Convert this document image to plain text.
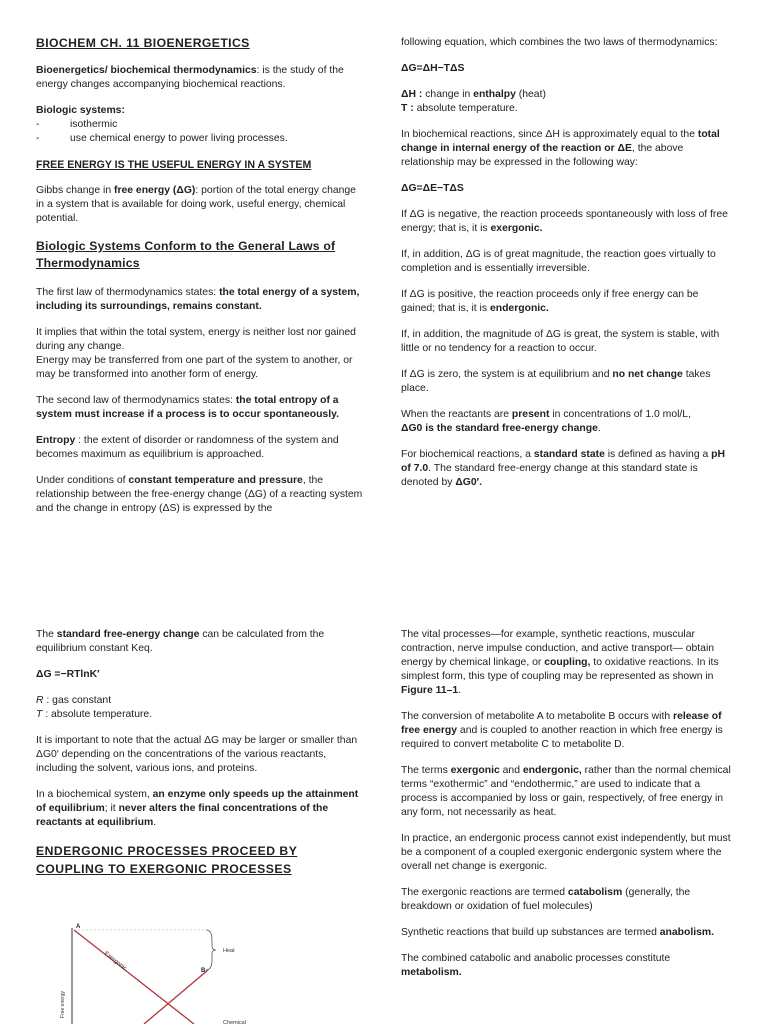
BIOCHEM CH. 11 BIOENERGETICS

Bioenergetics/ biochemical thermodynamics: is the study of the energy changes accompanying biochemical reactions.

Biologic systems:
- isothermic
- use chemical energy to power living processes.
FREE ENERGY IS THE USEFUL ENERGY IN A SYSTEM

Gibbs change in free energy (ΔG): portion of the total energy change in a system that is available for doing work, useful energy, chemical potential.

Biologic Systems Conform to the General Laws of Thermodynamics

The first law of thermodynamics states: the total energy of a system, including its surroundings, remains constant.

It implies that within the total system, energy is neither lost nor gained during any change.
Energy may be transferred from one part of the system to another, or may be transformed into another form of energy.

The second law of thermodynamics states: the total entropy of a system must increase if a process is to occur spontaneously.

Entropy : the extent of disorder or randomness of the system and becomes maximum as equilibrium is approached.

Under conditions of constant temperature and pressure, the relationship between the free-energy change (ΔG) of a reacting system and the change in entropy (ΔS) is expressed by the

following equation, which combines the two laws of thermodynamics:

ΔG=ΔH−TΔS

ΔH : change in enthalpy (heat)
T : absolute temperature.

In biochemical reactions, since ΔH is approximately equal to the total change in internal energy of the reaction or ΔE, the above relationship may be expressed in the following way:

ΔG=ΔE−TΔS

If ΔG is negative, the reaction proceeds spontaneously with loss of free energy; that is, it is exergonic.

If, in addition, ΔG is of great magnitude, the reaction goes virtually to completion and is essentially irreversible.

If ΔG is positive, the reaction proceeds only if free energy can be gained; that is, it is endergonic.

If, in addition, the magnitude of ΔG is great, the system is stable, with little or no tendency for a reaction to occur.

If ΔG is zero, the system is at equilibrium and no net change takes place.

When the reactants are present in concentrations of 1.0 mol/L,
ΔG0 is the standard free-energy change.

For biochemical reactions, a standard state is defined as having a pH of 7.0. The standard free-energy change at this standard state is denoted by ΔG0′.

The standard free-energy change can be calculated from the equilibrium constant Keq.

ΔG =−RTlnK′

R : gas constant
T : absolute temperature.

It is important to note that the actual ΔG may be larger or smaller than ΔG0′ depending on the concentrations of the various reactants, including the solvent, various ions, and proteins.

In a biochemical system, an enzyme only speeds up the attainment of equilibrium; it never alters the final concentrations of the reactants at equilibrium.

ENDERGONIC PROCESSES PROCEED BY COUPLING TO EXERGONIC PROCESSES
A
B
Heat
Exergonic
Free energy
Chemical

The vital processes—for example, synthetic reactions, muscular contraction, nerve impulse conduction, and active transport— obtain energy by chemical linkage, or coupling, to oxidative reactions. In its simplest form, this type of coupling may be represented as shown in Figure 11–1.

The conversion of metabolite A to metabolite B occurs with release of free energy and is coupled to another reaction in which free energy is required to convert metabolite C to metabolite D.

The terms exergonic and endergonic, rather than the normal chemical terms “exothermic” and “endothermic,” are used to indicate that a process is accompanied by loss or gain, respectively, of free energy in any form, not necessarily as heat.

In practice, an endergonic process cannot exist independently, but must be a component of a coupled exergonic endergonic system where the overall net change is exergonic.

The exergonic reactions are termed catabolism (generally, the breakdown or oxidation of fuel molecules)

Synthetic reactions that build up substances are termed anabolism.

The combined catabolic and anabolic processes constitute metabolism.
